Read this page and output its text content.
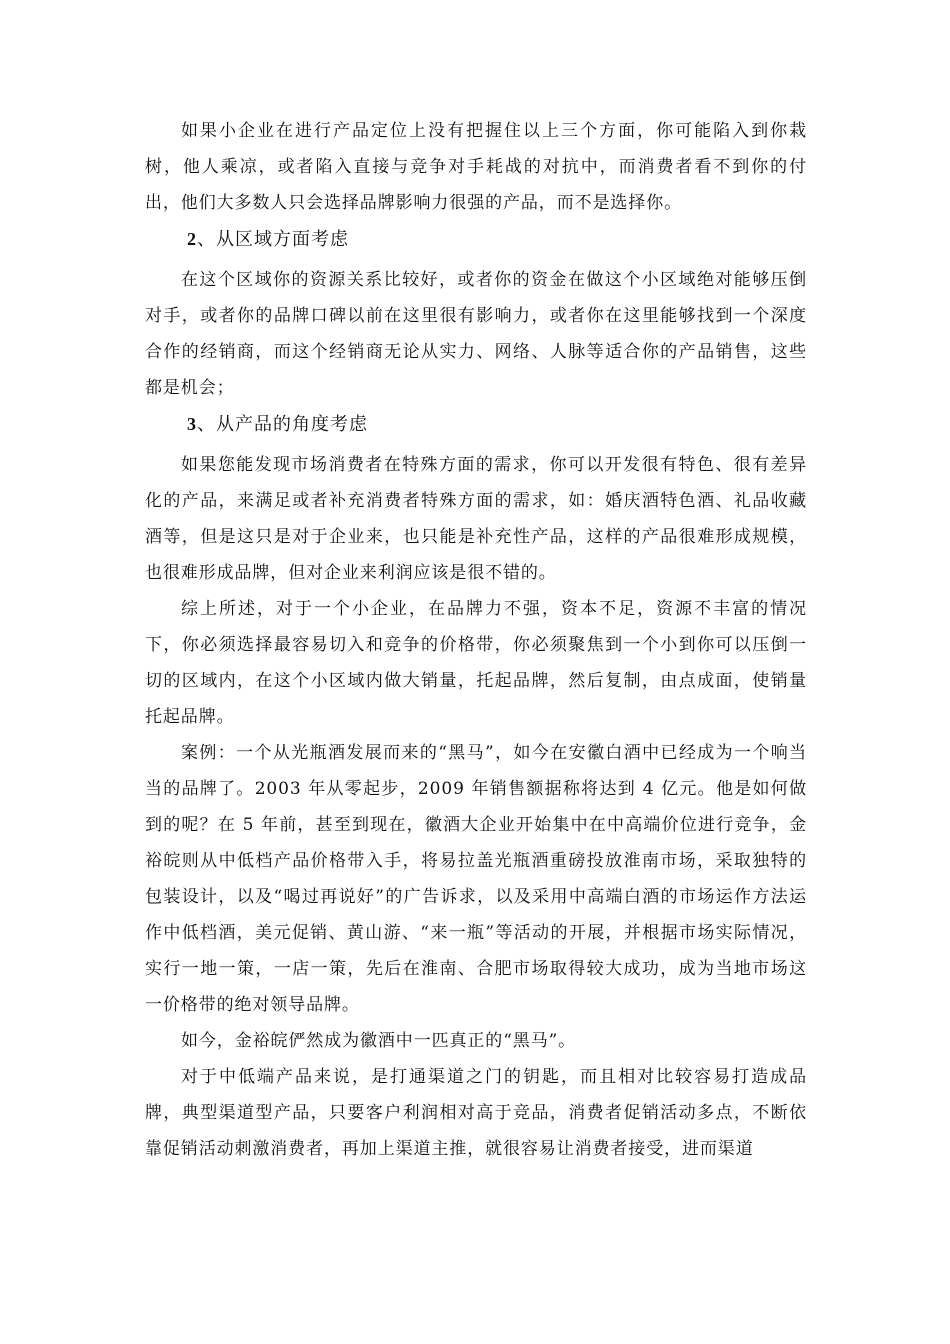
如果小企业在进行产品定位上没有把握住以上三个方面，你可能陷入到你栽树，他人乘凉，或者陷入直接与竞争对手耗战的对抗中，而消费者看不到你的付出，他们大多数人只会选择品牌影响力很强的产品，而不是选择你。

2、从区域方面考虑

在这个区域你的资源关系比较好，或者你的资金在做这个小区域绝对能够压倒对手，或者你的品牌口碑以前在这里很有影响力，或者你在这里能够找到一个深度合作的经销商，而这个经销商无论从实力、网络、人脉等适合你的产品销售，这些都是机会；

3、从产品的角度考虑

如果您能发现市场消费者在特殊方面的需求，你可以开发很有特色、很有差异化的产品，来满足或者补充消费者特殊方面的需求，如：婚庆酒特色酒、礼品收藏酒等，但是这只是对于企业来，也只能是补充性产品，这样的产品很难形成规模，也很难形成品牌，但对企业来利润应该是很不错的。

综上所述，对于一个小企业，在品牌力不强，资本不足，资源不丰富的情况下，你必须选择最容易切入和竞争的价格带，你必须聚焦到一个小到你可以压倒一切的区域内，在这个小区域内做大销量，托起品牌，然后复制，由点成面，使销量托起品牌。

案例：一个从光瓶酒发展而来的“黑马”，如今在安徽白酒中已经成为一个响当当的品牌了。2003 年从零起步，2009 年销售额据称将达到 4 亿元。他是如何做到的呢？在 5 年前，甚至到现在，徽酒大企业开始集中在中高端价位进行竞争，金裕皖则从中低档产品价格带入手，将易拉盖光瓶酒重磅投放淮南市场，采取独特的包装设计，以及“喝过再说好”的广告诉求，以及采用中高端白酒的市场运作方法运作中低档酒，美元促销、黄山游、“来一瓶”等活动的开展，并根据市场实际情况，实行一地一策，一店一策，先后在淮南、合肥市场取得较大成功，成为当地市场这一价格带的绝对领导品牌。

如今，金裕皖俨然成为徽酒中一匹真正的“黑马”。

对于中低端产品来说，是打通渠道之门的钥匙，而且相对比较容易打造成品牌，典型渠道型产品，只要客户利润相对高于竞品，消费者促销活动多点，不断依靠促销活动刺激消费者，再加上渠道主推，就很容易让消费者接受，进而渠道
